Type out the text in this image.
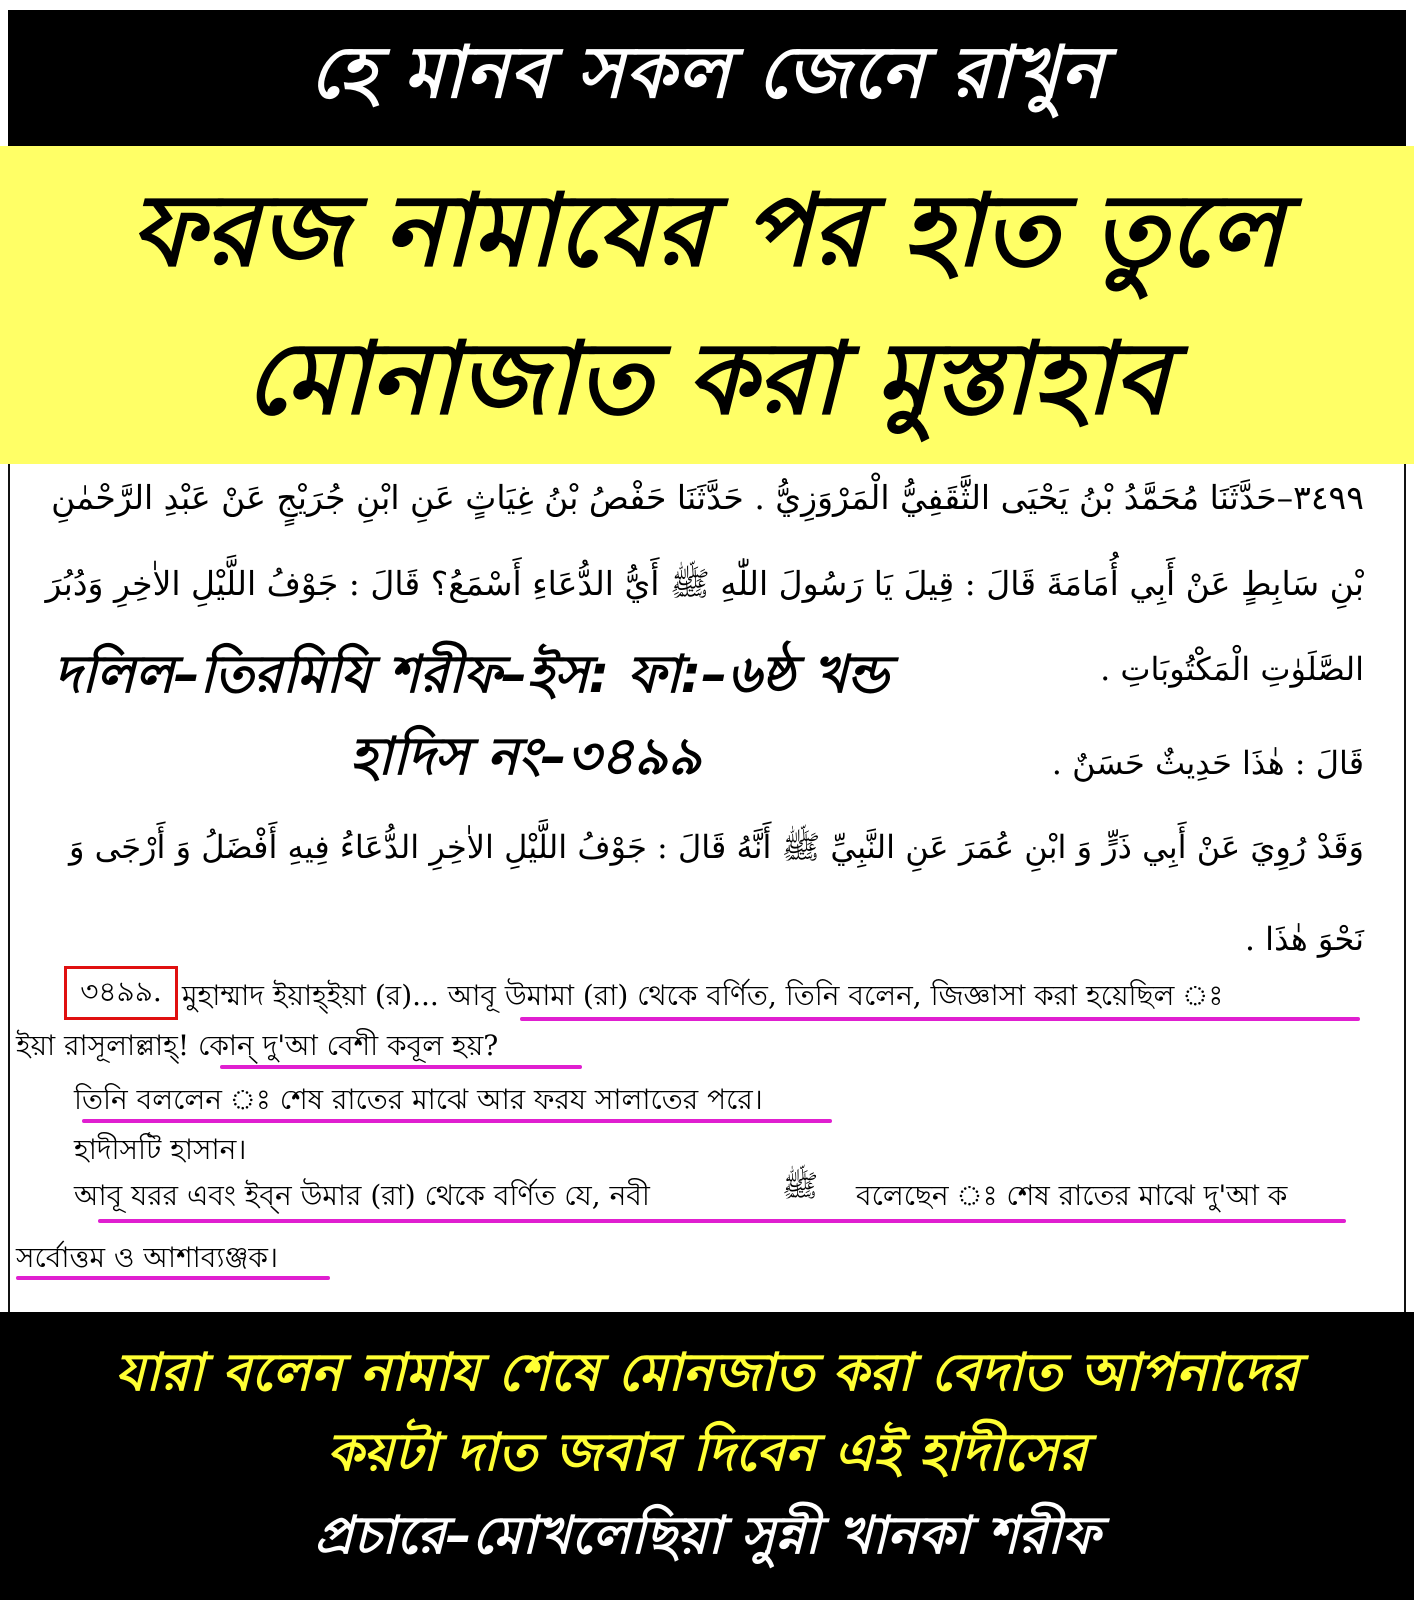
হে মানব সকল জেনে রাখুন
ফরজ নামাযের পর হাত তুলে
মোনাজাত করা মুস্তাহাব
٣٤٩٩–حَدَّثَنَا مُحَمَّدُ بْنُ يَحْيَى الثَّقَفِيُّ الْمَرْوَزِيُّ . حَدَّثَنَا حَفْصُ بْنُ غِيَاثٍ عَنِ ابْنِ جُرَيْجٍ عَنْ عَبْدِ الرَّحْمٰنِ
بْنِ سَابِطٍ عَنْ أَبِي أُمَامَةَ قَالَ : قِيلَ يَا رَسُولَ اللّٰهِ ﷺ أَيُّ الدُّعَاءِ أَسْمَعُ؟ قَالَ : جَوْفُ اللَّيْلِ الاٰخِرِ وَدُبُرَ
الصَّلَوٰتِ الْمَكْتُوبَاتِ .
قَالَ : هٰذَا حَدِيثٌ حَسَنٌ .
وَقَدْ رُوِيَ عَنْ أَبِي ذَرٍّ وَ ابْنِ عُمَرَ عَنِ النَّبِيِّ ﷺ أَنَّهُ قَالَ : جَوْفُ اللَّيْلِ الاٰخِرِ الدُّعَاءُ فِيهِ أَفْضَلُ وَ أَرْجَى وَ
نَحْوَ هٰذَا .
দলিল–তিরমিযি শরীফ–ইস: ফা:–৬ষ্ঠ খন্ড
হাদিস নং–৩৪৯৯
৩৪৯৯. মুহাম্মাদ ইয়াহ্ইয়া (র)... আবূ উমামা (রা) থেকে বর্ণিত, তিনি বলেন, জিজ্ঞাসা করা হয়েছিল ঃ
ইয়া রাসূলাল্লাহ্! কোন্ দু'আ বেশী কবূল হয়?
তিনি বললেন ঃ শেষ রাতের মাঝে আর ফরয সালাতের পরে।
হাদীসটি হাসান।
আবূ যরর এবং ইব্ন উমার (রা) থেকে বর্ণিত যে, নবী	ﷺ বলেছেন ঃ শেষ রাতের মাঝে দু'আ ক
সর্বোত্তম ও আশাব্যঞ্জক।
যারা বলেন নামায শেষে মোনজাত করা বেদাত আপনাদের
কয়টা দাত জবাব দিবেন এই হাদীসের
প্রচারে–মোখলেছিয়া সুন্নী খানকা শরীফ
